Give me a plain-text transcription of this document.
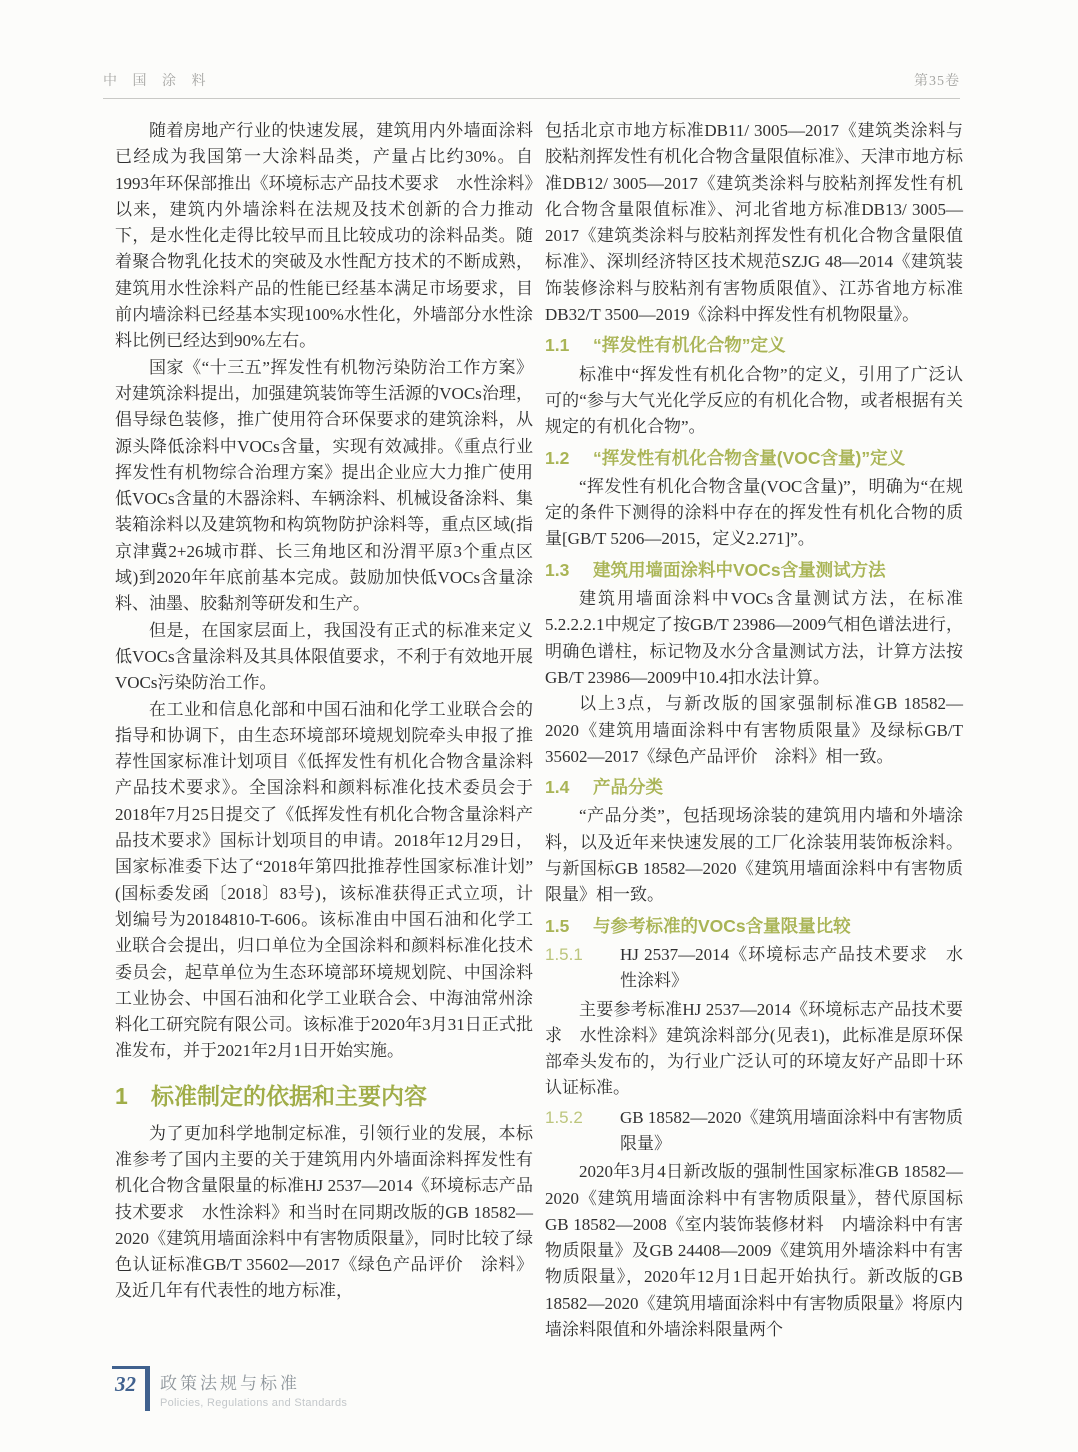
中 国 涂 料	第35卷

随着房地产行业的快速发展，建筑用内外墙面涂料已经成为我国第一大涂料品类，产量占比约30%。自1993年环保部推出《环境标志产品技术要求　水性涂料》以来，建筑内外墙涂料在法规及技术创新的合力推动下，是水性化走得比较早而且比较成功的涂料品类。随着聚合物乳化技术的突破及水性配方技术的不断成熟，建筑用水性涂料产品的性能已经基本满足市场要求，目前内墙涂料已经基本实现100%水性化，外墙部分水性涂料比例已经达到90%左右。

国家《“十三五”挥发性有机物污染防治工作方案》对建筑涂料提出，加强建筑装饰等生活源的VOCs治理，倡导绿色装修，推广使用符合环保要求的建筑涂料，从源头降低涂料中VOCs含量，实现有效减排。《重点行业挥发性有机物综合治理方案》提出企业应大力推广使用低VOCs含量的木器涂料、车辆涂料、机械设备涂料、集装箱涂料以及建筑物和构筑物防护涂料等，重点区域(指京津冀2+26城市群、长三角地区和汾渭平原3个重点区域)到2020年年底前基本完成。鼓励加快低VOCs含量涂料、油墨、胶黏剂等研发和生产。

但是，在国家层面上，我国没有正式的标准来定义低VOCs含量涂料及其具体限值要求，不利于有效地开展VOCs污染防治工作。

在工业和信息化部和中国石油和化学工业联合会的指导和协调下，由生态环境部环境规划院牵头申报了推荐性国家标准计划项目《低挥发性有机化合物含量涂料产品技术要求》。全国涂料和颜料标准化技术委员会于2018年7月25日提交了《低挥发性有机化合物含量涂料产品技术要求》国标计划项目的申请。2018年12月29日，国家标准委下达了“2018年第四批推荐性国家标准计划”(国标委发函〔2018〕83号)，该标准获得正式立项，计划编号为20184810-T-606。该标准由中国石油和化学工业联合会提出，归口单位为全国涂料和颜料标准化技术委员会，起草单位为生态环境部环境规划院、中国涂料工业协会、中国石油和化学工业联合会、中海油常州涂料化工研究院有限公司。该标准于2020年3月31日正式批准发布，并于2021年2月1日开始实施。

1	标准制定的依据和主要内容

为了更加科学地制定标准，引领行业的发展，本标准参考了国内主要的关于建筑用内外墙面涂料挥发性有机化合物含量限量的标准HJ 2537—2014《环境标志产品技术要求　水性涂料》和当时在同期改版的GB 18582—2020《建筑用墙面涂料中有害物质限量》，同时比较了绿色认证标准GB/T 35602—2017《绿色产品评价　涂料》及近几年有代表性的地方标准，

包括北京市地方标准DB11/ 3005—2017《建筑类涂料与胶粘剂挥发性有机化合物含量限值标准》、天津市地方标准DB12/ 3005—2017《建筑类涂料与胶粘剂挥发性有机化合物含量限值标准》、河北省地方标准DB13/ 3005—2017《建筑类涂料与胶粘剂挥发性有机化合物含量限值标准》、深圳经济特区技术规范SZJG 48—2014《建筑装饰装修涂料与胶粘剂有害物质限值》、江苏省地方标准DB32/T 3500—2019《涂料中挥发性有机物限量》。

1.1	“挥发性有机化合物”定义

标准中“挥发性有机化合物”的定义，引用了广泛认可的“参与大气光化学反应的有机化合物，或者根据有关规定的有机化合物”。

1.2	“挥发性有机化合物含量(VOC含量)”定义

“挥发性有机化合物含量(VOC含量)”，明确为“在规定的条件下测得的涂料中存在的挥发性有机化合物的质量[GB/T 5206—2015，定义2.271]”。

1.3	建筑用墙面涂料中VOCs含量测试方法

建筑用墙面涂料中VOCs含量测试方法，在标准5.2.2.2.1中规定了按GB/T 23986—2009气相色谱法进行，明确色谱柱，标记物及水分含量测试方法，计算方法按GB/T 23986—2009中10.4扣水法计算。

以上3点，与新改版的国家强制标准GB 18582—2020《建筑用墙面涂料中有害物质限量》及绿标GB/T 35602—2017《绿色产品评价　涂料》相一致。

1.4	产品分类

“产品分类”，包括现场涂装的建筑用内墙和外墙涂料，以及近年来快速发展的工厂化涂装用装饰板涂料。与新国标GB 18582—2020《建筑用墙面涂料中有害物质限量》相一致。

1.5	与参考标准的VOCs含量限量比较
1.5.1	HJ 2537—2014《环境标志产品技术要求　水性涂料》

主要参考标准HJ 2537—2014《环境标志产品技术要求　水性涂料》建筑涂料部分(见表1)，此标准是原环保部牵头发布的，为行业广泛认可的环境友好产品即十环认证标准。

1.5.2	GB 18582—2020《建筑用墙面涂料中有害物质限量》

2020年3月4日新改版的强制性国家标准GB 18582—2020《建筑用墙面涂料中有害物质限量》，替代原国标GB 18582—2008《室内装饰装修材料　内墙涂料中有害物质限量》及GB 24408—2009《建筑用外墙涂料中有害物质限量》，2020年12月1日起开始执行。新改版的GB 18582—2020《建筑用墙面涂料中有害物质限量》将原内墙涂料限值和外墙涂料限量两个

32	政策法规与标准
Policies, Regulations and Standards
